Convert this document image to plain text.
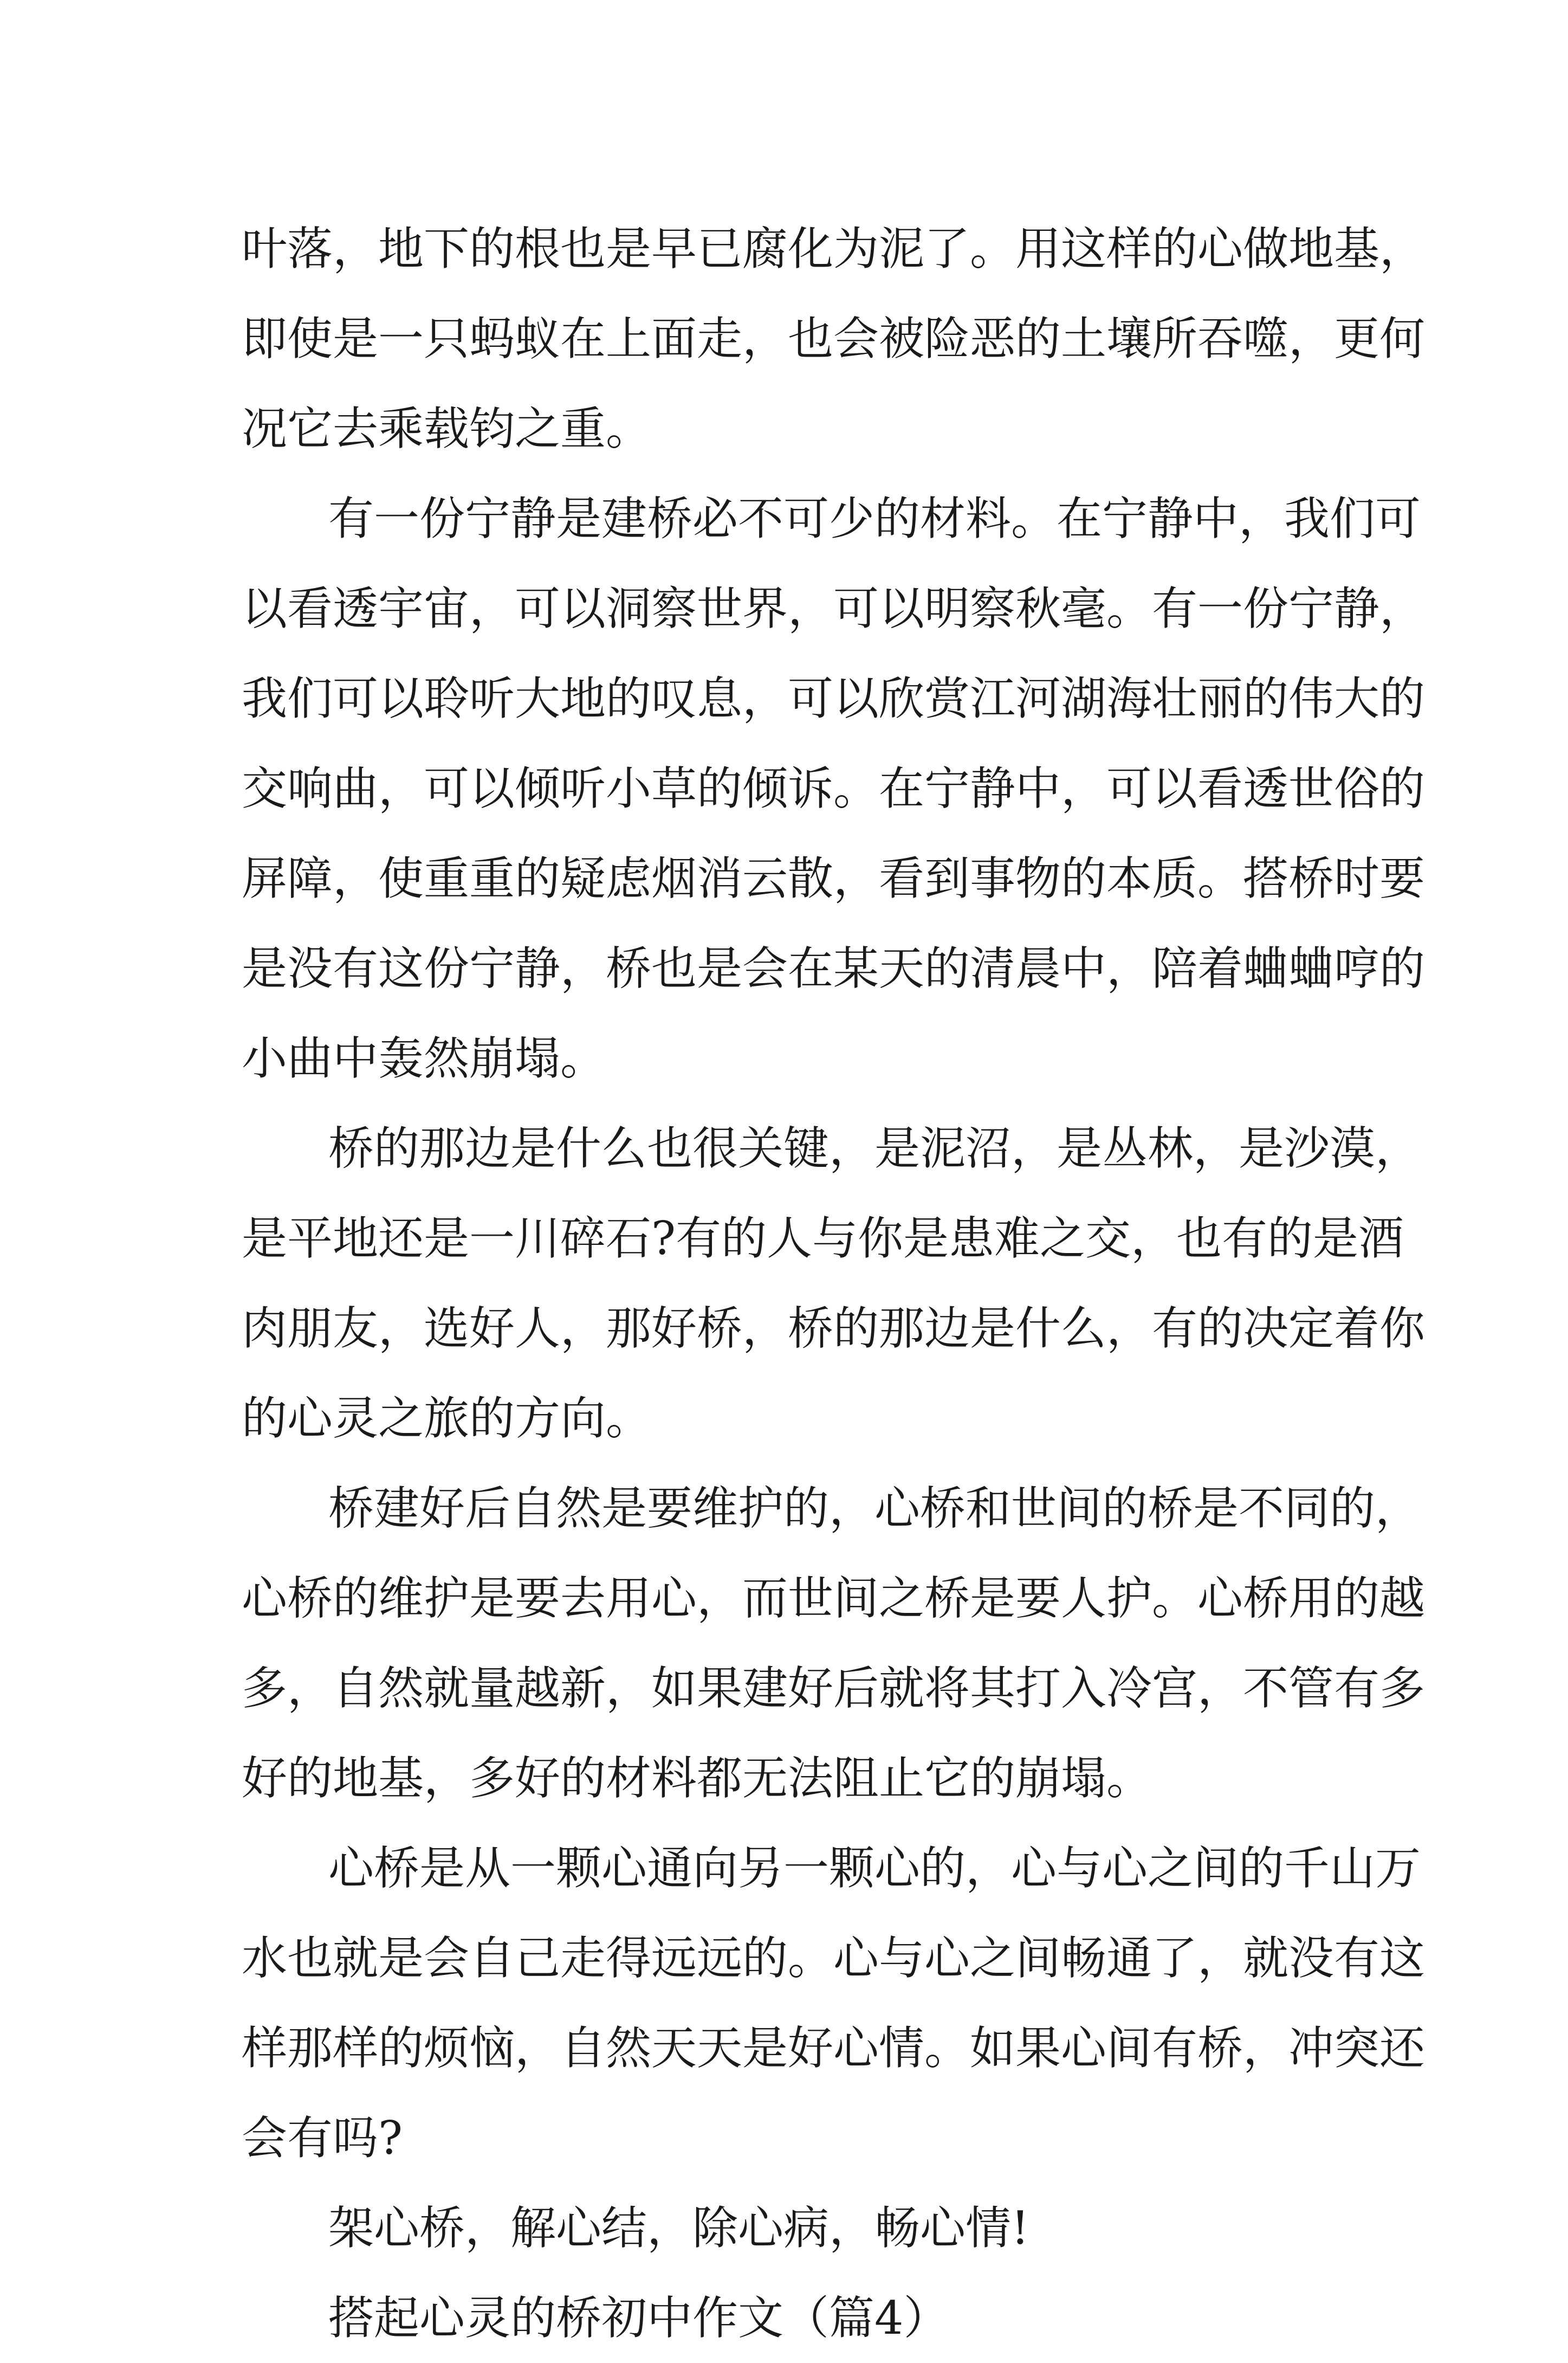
叶落，地下的根也是早已腐化为泥了。用这样的心做地基，
即使是一只蚂蚁在上面走，也会被险恶的土壤所吞噬，更何
况它去乘载钧之重。
有一份宁静是建桥必不可少的材料。在宁静中，我们可
以看透宇宙，可以洞察世界，可以明察秋毫。有一份宁静，
我们可以聆听大地的叹息，可以欣赏江河湖海壮丽的伟大的
交响曲，可以倾听小草的倾诉。在宁静中，可以看透世俗的
屏障，使重重的疑虑烟消云散，看到事物的本质。搭桥时要
是没有这份宁静，桥也是会在某天的清晨中，陪着蛐蛐哼的
小曲中轰然崩塌。
桥的那边是什么也很关键，是泥沼，是丛林，是沙漠，
是平地还是一川碎石?有的人与你是患难之交，也有的是酒
肉朋友，选好人，那好桥，桥的那边是什么，有的决定着你
的心灵之旅的方向。
桥建好后自然是要维护的，心桥和世间的桥是不同的，
心桥的维护是要去用心，而世间之桥是要人护。心桥用的越
多，自然就量越新，如果建好后就将其打入冷宫，不管有多
好的地基，多好的材料都无法阻止它的崩塌。
心桥是从一颗心通向另一颗心的，心与心之间的千山万
水也就是会自己走得远远的。心与心之间畅通了，就没有这
样那样的烦恼，自然天天是好心情。如果心间有桥，冲突还
会有吗?
架心桥，解心结，除心病，畅心情!
搭起心灵的桥初中作文（篇4）
